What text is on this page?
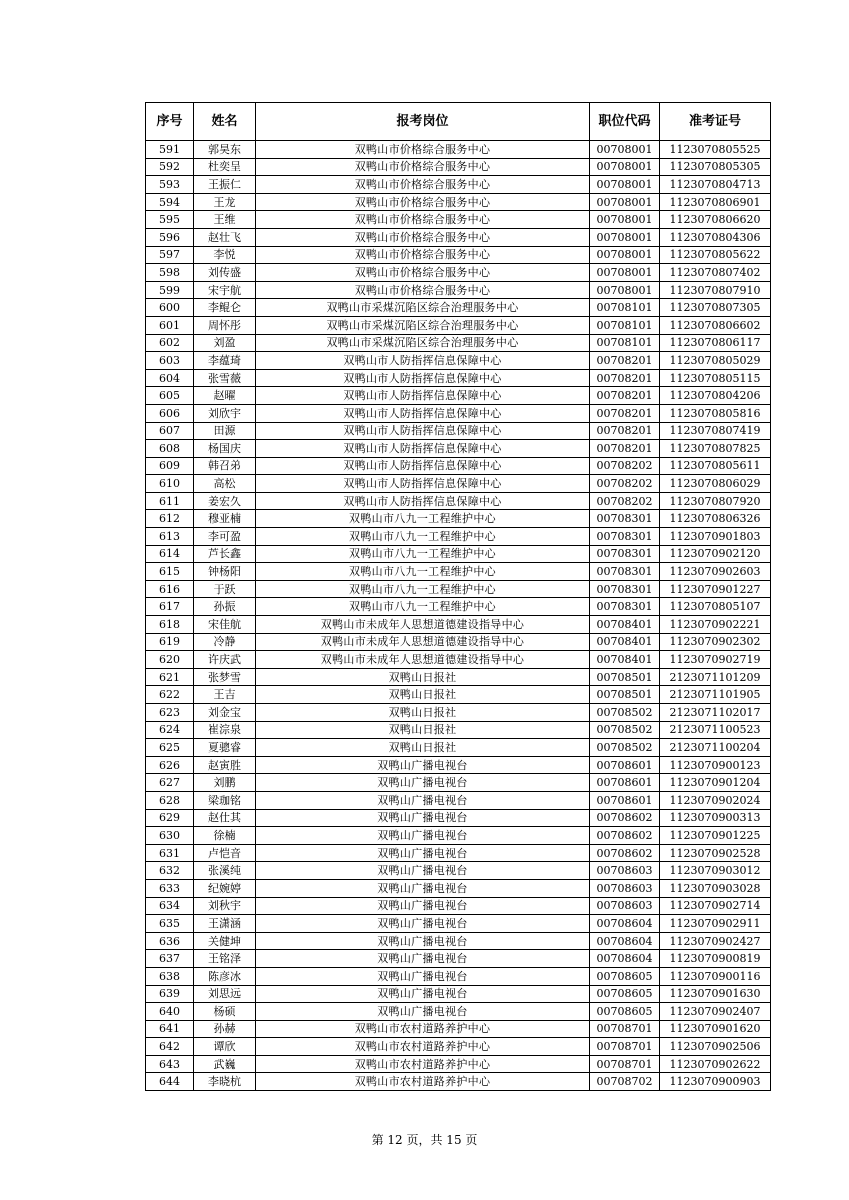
序号	姓名	报考岗位	职位代码	准考证号
591	郭昊东	双鸭山市价格综合服务中心	00708001	1123070805525
592	杜奕呈	双鸭山市价格综合服务中心	00708001	1123070805305
593	王振仁	双鸭山市价格综合服务中心	00708001	1123070804713
594	王龙	双鸭山市价格综合服务中心	00708001	1123070806901
595	王维	双鸭山市价格综合服务中心	00708001	1123070806620
596	赵壮飞	双鸭山市价格综合服务中心	00708001	1123070804306
597	李悦	双鸭山市价格综合服务中心	00708001	1123070805622
598	刘传盛	双鸭山市价格综合服务中心	00708001	1123070807402
599	宋宇航	双鸭山市价格综合服务中心	00708001	1123070807910
600	李鲲仑	双鸭山市采煤沉陷区综合治理服务中心	00708101	1123070807305
601	周怀彤	双鸭山市采煤沉陷区综合治理服务中心	00708101	1123070806602
602	刘盈	双鸭山市采煤沉陷区综合治理服务中心	00708101	1123070806117
603	李蕴琦	双鸭山市人防指挥信息保障中心	00708201	1123070805029
604	张雪薇	双鸭山市人防指挥信息保障中心	00708201	1123070805115
605	赵曜	双鸭山市人防指挥信息保障中心	00708201	1123070804206
606	刘欣宇	双鸭山市人防指挥信息保障中心	00708201	1123070805816
607	田源	双鸭山市人防指挥信息保障中心	00708201	1123070807419
608	杨国庆	双鸭山市人防指挥信息保障中心	00708201	1123070807825
609	韩召弟	双鸭山市人防指挥信息保障中心	00708202	1123070805611
610	高松	双鸭山市人防指挥信息保障中心	00708202	1123070806029
611	姜宏久	双鸭山市人防指挥信息保障中心	00708202	1123070807920
612	穆亚楠	双鸭山市八九一工程维护中心	00708301	1123070806326
613	李可盈	双鸭山市八九一工程维护中心	00708301	1123070901803
614	芦长鑫	双鸭山市八九一工程维护中心	00708301	1123070902120
615	钟杨阳	双鸭山市八九一工程维护中心	00708301	1123070902603
616	于跃	双鸭山市八九一工程维护中心	00708301	1123070901227
617	孙振	双鸭山市八九一工程维护中心	00708301	1123070805107
618	宋佳航	双鸭山市未成年人思想道德建设指导中心	00708401	1123070902221
619	冷静	双鸭山市未成年人思想道德建设指导中心	00708401	1123070902302
620	许庆武	双鸭山市未成年人思想道德建设指导中心	00708401	1123070902719
621	张梦雪	双鸭山日报社	00708501	2123071101209
622	王吉	双鸭山日报社	00708501	2123071101905
623	刘金宝	双鸭山日报社	00708502	2123071102017
624	崔淙泉	双鸭山日报社	00708502	2123071100523
625	夏骢睿	双鸭山日报社	00708502	2123071100204
626	赵寅胜	双鸭山广播电视台	00708601	1123070900123
627	刘鹏	双鸭山广播电视台	00708601	1123070901204
628	梁珈铭	双鸭山广播电视台	00708601	1123070902024
629	赵仕其	双鸭山广播电视台	00708602	1123070900313
630	徐楠	双鸭山广播电视台	00708602	1123070901225
631	卢恺音	双鸭山广播电视台	00708602	1123070902528
632	张溪纯	双鸭山广播电视台	00708603	1123070903012
633	纪婉婷	双鸭山广播电视台	00708603	1123070903028
634	刘秋宇	双鸭山广播电视台	00708603	1123070902714
635	王潇涵	双鸭山广播电视台	00708604	1123070902911
636	关健坤	双鸭山广播电视台	00708604	1123070902427
637	王铭泽	双鸭山广播电视台	00708604	1123070900819
638	陈彦冰	双鸭山广播电视台	00708605	1123070900116
639	刘思远	双鸭山广播电视台	00708605	1123070901630
640	杨硕	双鸭山广播电视台	00708605	1123070902407
641	孙赫	双鸭山市农村道路养护中心	00708701	1123070901620
642	谭欣	双鸭山市农村道路养护中心	00708701	1123070902506
643	武巍	双鸭山市农村道路养护中心	00708701	1123070902622
644	李晓杭	双鸭山市农村道路养护中心	00708702	1123070900903
第 12 页，共 15 页
